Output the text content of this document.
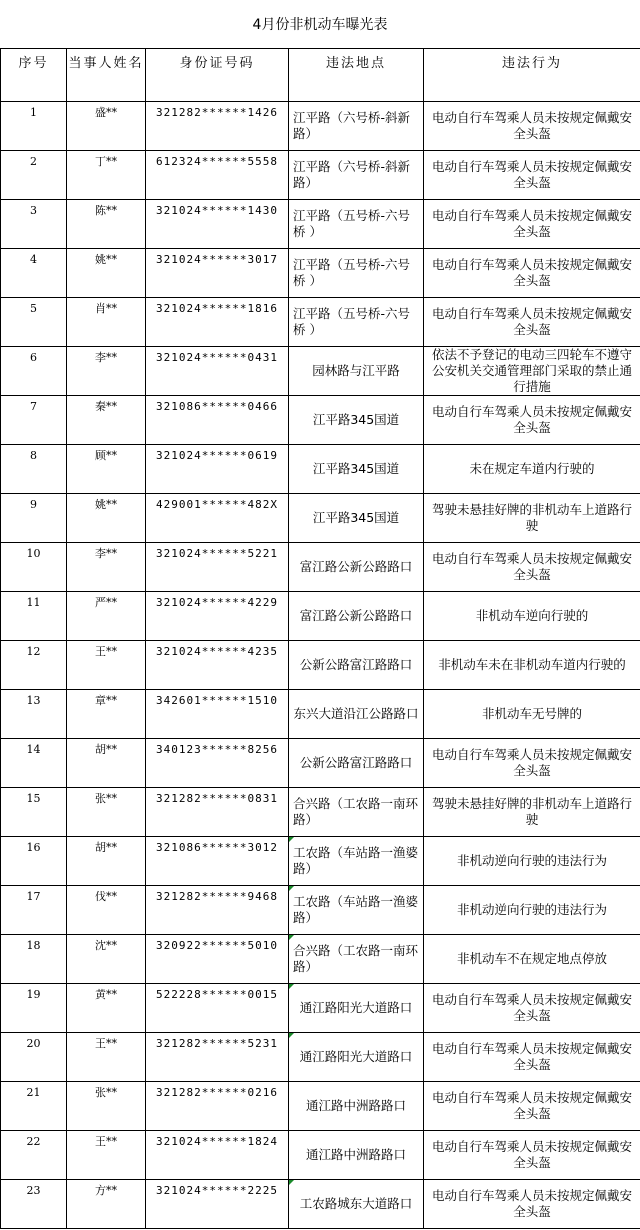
4月份非机动车曝光表
序号	当事人姓名	身份证号码	违法地点	违法行为
1	盛**	321282******1426	江平路（六号桥-斜新路）	电动自行车驾乘人员未按规定佩戴安全头盔
2	丁**	612324******5558	江平路（六号桥-斜新路）	电动自行车驾乘人员未按规定佩戴安全头盔
3	陈**	321024******1430	江平路（五号桥-六号桥 ）	电动自行车驾乘人员未按规定佩戴安全头盔
4	姚**	321024******3017	江平路（五号桥-六号桥 ）	电动自行车驾乘人员未按规定佩戴安全头盔
5	肖**	321024******1816	江平路（五号桥-六号桥 ）	电动自行车驾乘人员未按规定佩戴安全头盔
6	李**	321024******0431	园林路与江平路	依法不予登记的电动三四轮车不遵守公安机关交通管理部门采取的禁止通行措施
7	秦**	321086******0466	江平路345国道	电动自行车驾乘人员未按规定佩戴安全头盔
8	顾**	321024******0619	江平路345国道	未在规定车道内行驶的
9	姚**	429001******482X	江平路345国道	驾驶未悬挂好牌的非机动车上道路行驶
10	李**	321024******5221	富江路公新公路路口	电动自行车驾乘人员未按规定佩戴安全头盔
11	严**	321024******4229	富江路公新公路路口	非机动车逆向行驶的
12	王**	321024******4235	公新公路富江路路口	非机动车未在非机动车道内行驶的
13	章**	342601******1510	东兴大道沿江公路路口	非机动车无号牌的
14	胡**	340123******8256	公新公路富江路路口	电动自行车驾乘人员未按规定佩戴安全头盔
15	张**	321282******0831	合兴路（工农路一南环路）	驾驶未悬挂好牌的非机动车上道路行驶
16	胡**	321086******3012	工农路（车站路一渔婆路）	非机动逆向行驶的违法行为
17	伐**	321282******9468	工农路（车站路一渔婆路）	非机动逆向行驶的违法行为
18	沈**	320922******5010	合兴路（工农路一南环路）	非机动车不在规定地点停放
19	黄**	522228******0015	通江路阳光大道路口	电动自行车驾乘人员未按规定佩戴安全头盔
20	王**	321282******5231	通江路阳光大道路口	电动自行车驾乘人员未按规定佩戴安全头盔
21	张**	321282******0216	通江路中洲路路口	电动自行车驾乘人员未按规定佩戴安全头盔
22	王**	321024******1824	通江路中洲路路口	电动自行车驾乘人员未按规定佩戴安全头盔
23	方**	321024******2225	工农路城东大道路口	电动自行车驾乘人员未按规定佩戴安全头盔
